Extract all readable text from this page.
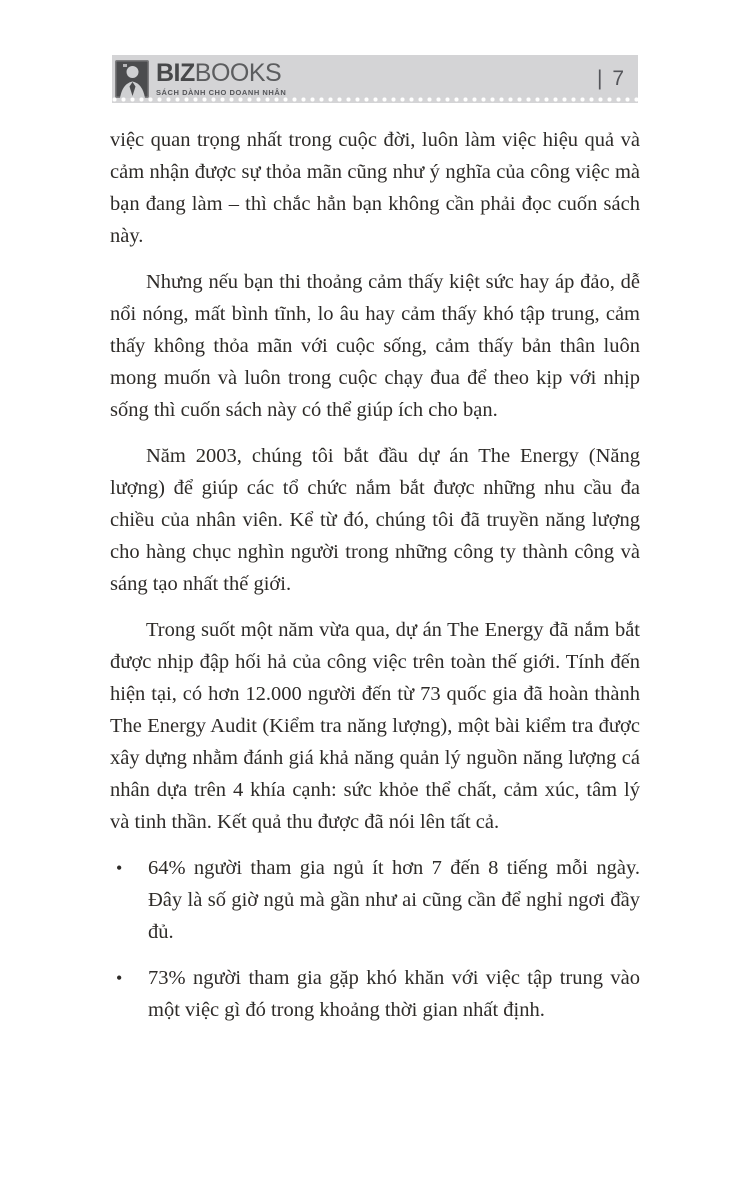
BIZBOOKS
SÁCH DÀNH CHO DOANH NHÂN
| 7

việc quan trọng nhất trong cuộc đời, luôn làm việc hiệu quả và cảm nhận được sự thỏa mãn cũng như ý nghĩa của công việc mà bạn đang làm – thì chắc hẳn bạn không cần phải đọc cuốn sách này.

Nhưng nếu bạn thi thoảng cảm thấy kiệt sức hay áp đảo, dễ nổi nóng, mất bình tĩnh, lo âu hay cảm thấy khó tập trung, cảm thấy không thỏa mãn với cuộc sống, cảm thấy bản thân luôn mong muốn và luôn trong cuộc chạy đua để theo kịp với nhịp sống thì cuốn sách này có thể giúp ích cho bạn.

Năm 2003, chúng tôi bắt đầu dự án The Energy (Năng lượng) để giúp các tổ chức nắm bắt được những nhu cầu đa chiều của nhân viên. Kể từ đó, chúng tôi đã truyền năng lượng cho hàng chục nghìn người trong những công ty thành công và sáng tạo nhất thế giới.

Trong suốt một năm vừa qua, dự án The Energy đã nắm bắt được nhịp đập hối hả của công việc trên toàn thế giới. Tính đến hiện tại, có hơn 12.000 người đến từ 73 quốc gia đã hoàn thành The Energy Audit (Kiểm tra năng lượng), một bài kiểm tra được xây dựng nhằm đánh giá khả năng quản lý nguồn năng lượng cá nhân dựa trên 4 khía cạnh: sức khỏe thể chất, cảm xúc, tâm lý và tinh thần. Kết quả thu được đã nói lên tất cả.

• 64% người tham gia ngủ ít hơn 7 đến 8 tiếng mỗi ngày. Đây là số giờ ngủ mà gần như ai cũng cần để nghỉ ngơi đầy đủ.
• 73% người tham gia gặp khó khăn với việc tập trung vào một việc gì đó trong khoảng thời gian nhất định.
